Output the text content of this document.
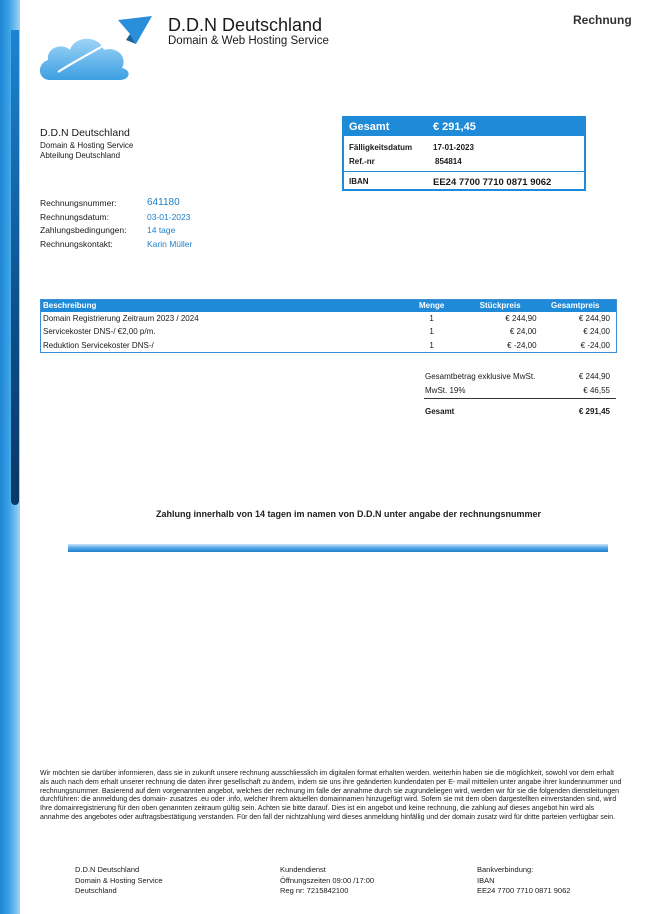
D.D.N Deutschland
Domain & Web Hosting Service
Rechnung
D.D.N Deutschland
Domain & Hosting Service
Abteilung Deutschland
Gesamt	€ 291,45
Fälligkeitsdatum	17-01-2023
Ref.-nr	854814
IBAN	EE24 7700 7710 0871 9062
Rechnungsnummer:	641180
Rechnungsdatum:	03-01-2023
Zahlungsbedingungen: 14 tage
Rechnungskontakt:	Karin Müller
Beschreibung	Menge	Stückpreis	Gesamtpreis
Domain Registrierung Zeitraum 2023 / 2024	1	€ 244,90	€ 244,90
Servicekoster DNS-/ €2,00 p/m.	1	€ 24,00	€ 24,00
Reduktion Servicekoster DNS-/	1	€ -24,00	€ -24,00
Gesamtbetrag exklusive MwSt.	€ 244,90
MwSt. 19%	€ 46,55
Gesamt	€ 291,45
Zahlung innerhalb von 14 tagen im namen von D.D.N unter angabe der rechnungsnummer
Wir möchten sie darüber informieren, dass sie in zukunft unsere rechnung ausschliesslich im digitalen format erhalten werden. weiterhin haben sie die möglichkeit, sowohl vor dem erhalt als auch nach dem erhalt unserer rechnung die daten ihrer gesellschaft zu ändern, indem sie uns ihre geänderten kundendaten per E- mail mitteilen unter angabe ihrer kundennummer und rechnungsnummer. Basierend auf dem vorgenannten angebot, welches der rechnung im falle der annahme durch sie zugrundeliegen wird, werden wir für sie die folgenden dienstleitungen durchführen: die anmeldung des domain- zusatzes .eu oder .info, welcher Ihrem aktuellen domainnamen hinzugefügt wird. Sofern sie mit dem oben dargestellten einverstanden sind, wird Ihre domainregistrierung für den oben genannten zeitraum gültig sein. Achten sie bitte darauf. Dies ist ein angebot und keine rechnung, die zahlung auf dieses angebot hin wird als annahme des angebotes oder auftragsbestätigung verstanden. Für den fall der nichtzahlung wird dieses anmeldung hinfällig und der domain zusatz wird für dritte parteien verfügbar sein.
D.D.N Deutschland
Domain & Hosting Service
Deutschland
Kundendienst
Öffnungszeiten 09:00 /17:00
Reg nr: 7215842100
Bankverbindung:
IBAN
EE24 7700 7710 0871 9062
